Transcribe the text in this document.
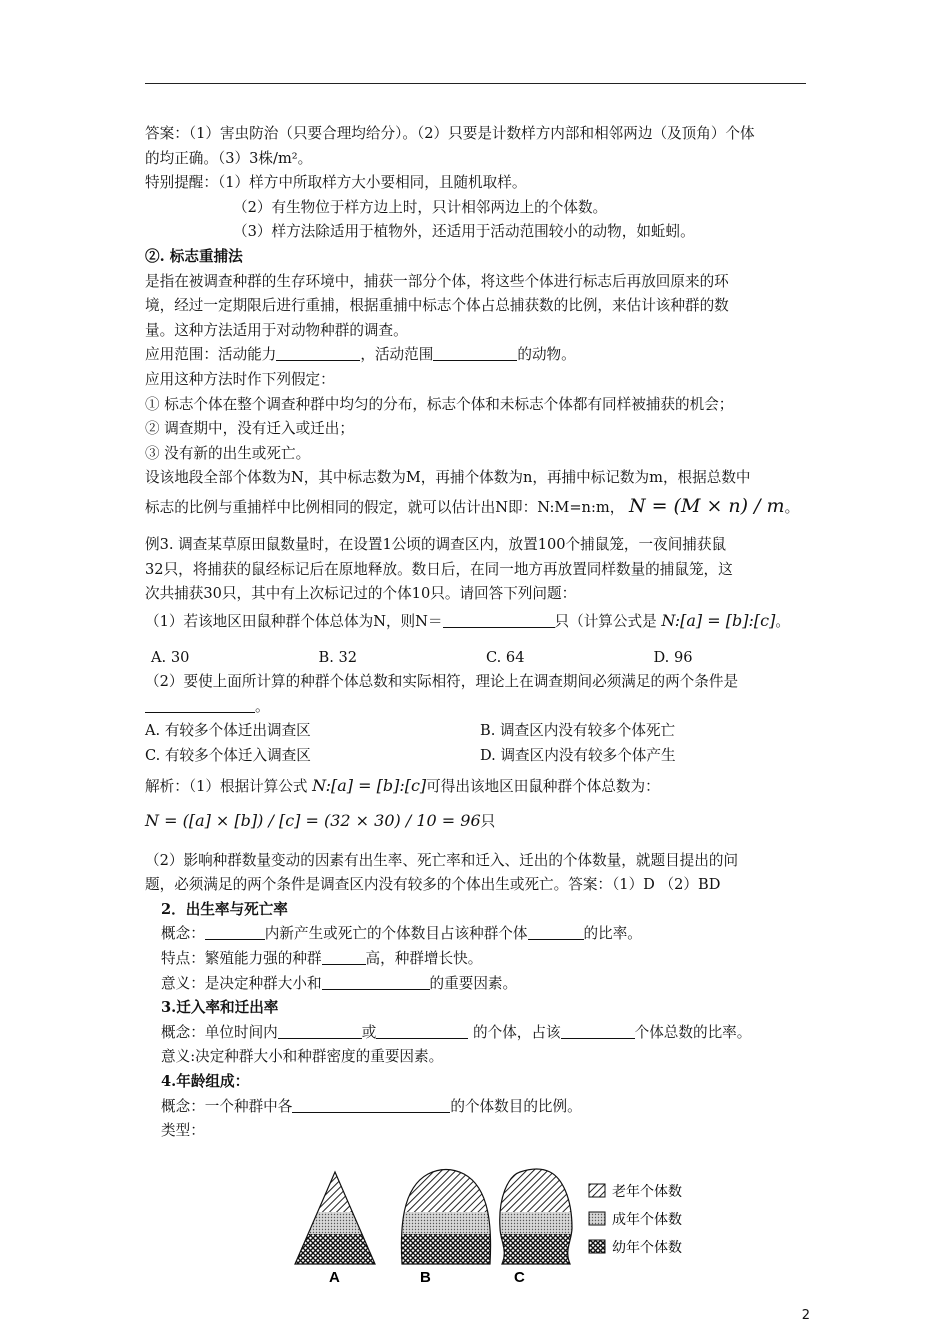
答案：（1）害虫防治（只要合理均给分）。（2）只要是计数样方内部和相邻两边（及顶角）个体

的均正确。（3）3株/m²。

特别提醒：（1）样方中所取样方大小要相同，且随机取样。

（2）有生物位于样方边上时，只计相邻两边上的个体数。

（3）样方法除适用于植物外，还适用于活动范围较小的动物，如蚯蚓。

②. 标志重捕法

是指在被调查种群的生存环境中，捕获一部分个体，将这些个体进行标志后再放回原来的环

境，经过一定期限后进行重捕，根据重捕中标志个体占总捕获数的比例，来估计该种群的数

量。这种方法适用于对动物种群的调查。

应用范围：活动能力	，活动范围	的动物。

应用这种方法时作下列假定：

① 标志个体在整个调查种群中均匀的分布，标志个体和未标志个体都有同样被捕获的机会；

② 调查期中，没有迁入或迁出；

③ 没有新的出生或死亡。

设该地段全部个体数为N，其中标志数为M，再捕个体数为n，再捕中标记数为m，根据总数中

标志的比例与重捕样中比例相同的假定，就可以估计出N即：N:M=n:m， N = (M × n) / m。

例3. 调查某草原田鼠数量时，在设置1公顷的调查区内，放置100个捕鼠笼，一夜间捕获鼠

32只，将捕获的鼠经标记后在原地释放。数日后，在同一地方再放置同样数量的捕鼠笼，这

次共捕获30只，其中有上次标记过的个体10只。请回答下列问题：

（1）若该地区田鼠种群个体总体为N，则N＝	只（计算公式是 N:[a] = [b]:[c]。

A. 30	B. 32	C. 64	D. 96

（2）要使上面所计算的种群个体总数和实际相符，理论上在调查期间必须满足的两个条件是

。

A. 有较多个体迁出调查区	B. 调查区内没有较多个体死亡

C. 有较多个体迁入调查区	D. 调查区内没有较多个体产生

解析：（1）根据计算公式 N:[a] = [b]:[c]可得出该地区田鼠种群个体总数为：

N = ([a] × [b]) / [c] = (32 × 30) / 10 = 96只

（2）影响种群数量变动的因素有出生率、死亡率和迁入、迁出的个体数量，就题目提出的问

题，必须满足的两个条件是调查区内没有较多的个体出生或死亡。答案：（1）D （2）BD

2．出生率与死亡率

概念：	内新产生或死亡的个体数目占该种群个体	的比率。

特点：繁殖能力强的种群	高，种群增长快。

意义：是决定种群大小和	的重要因素。

3.迁入率和迁出率

概念：单位时间内	或	的个体，占该	个体总数的比率。

意义:决定种群大小和种群密度的重要因素。

4.年龄组成：

概念：一个种群中各	的个体数目的比例。

类型：

A	B	C
老年个体数
成年个体数
幼年个体数
2
